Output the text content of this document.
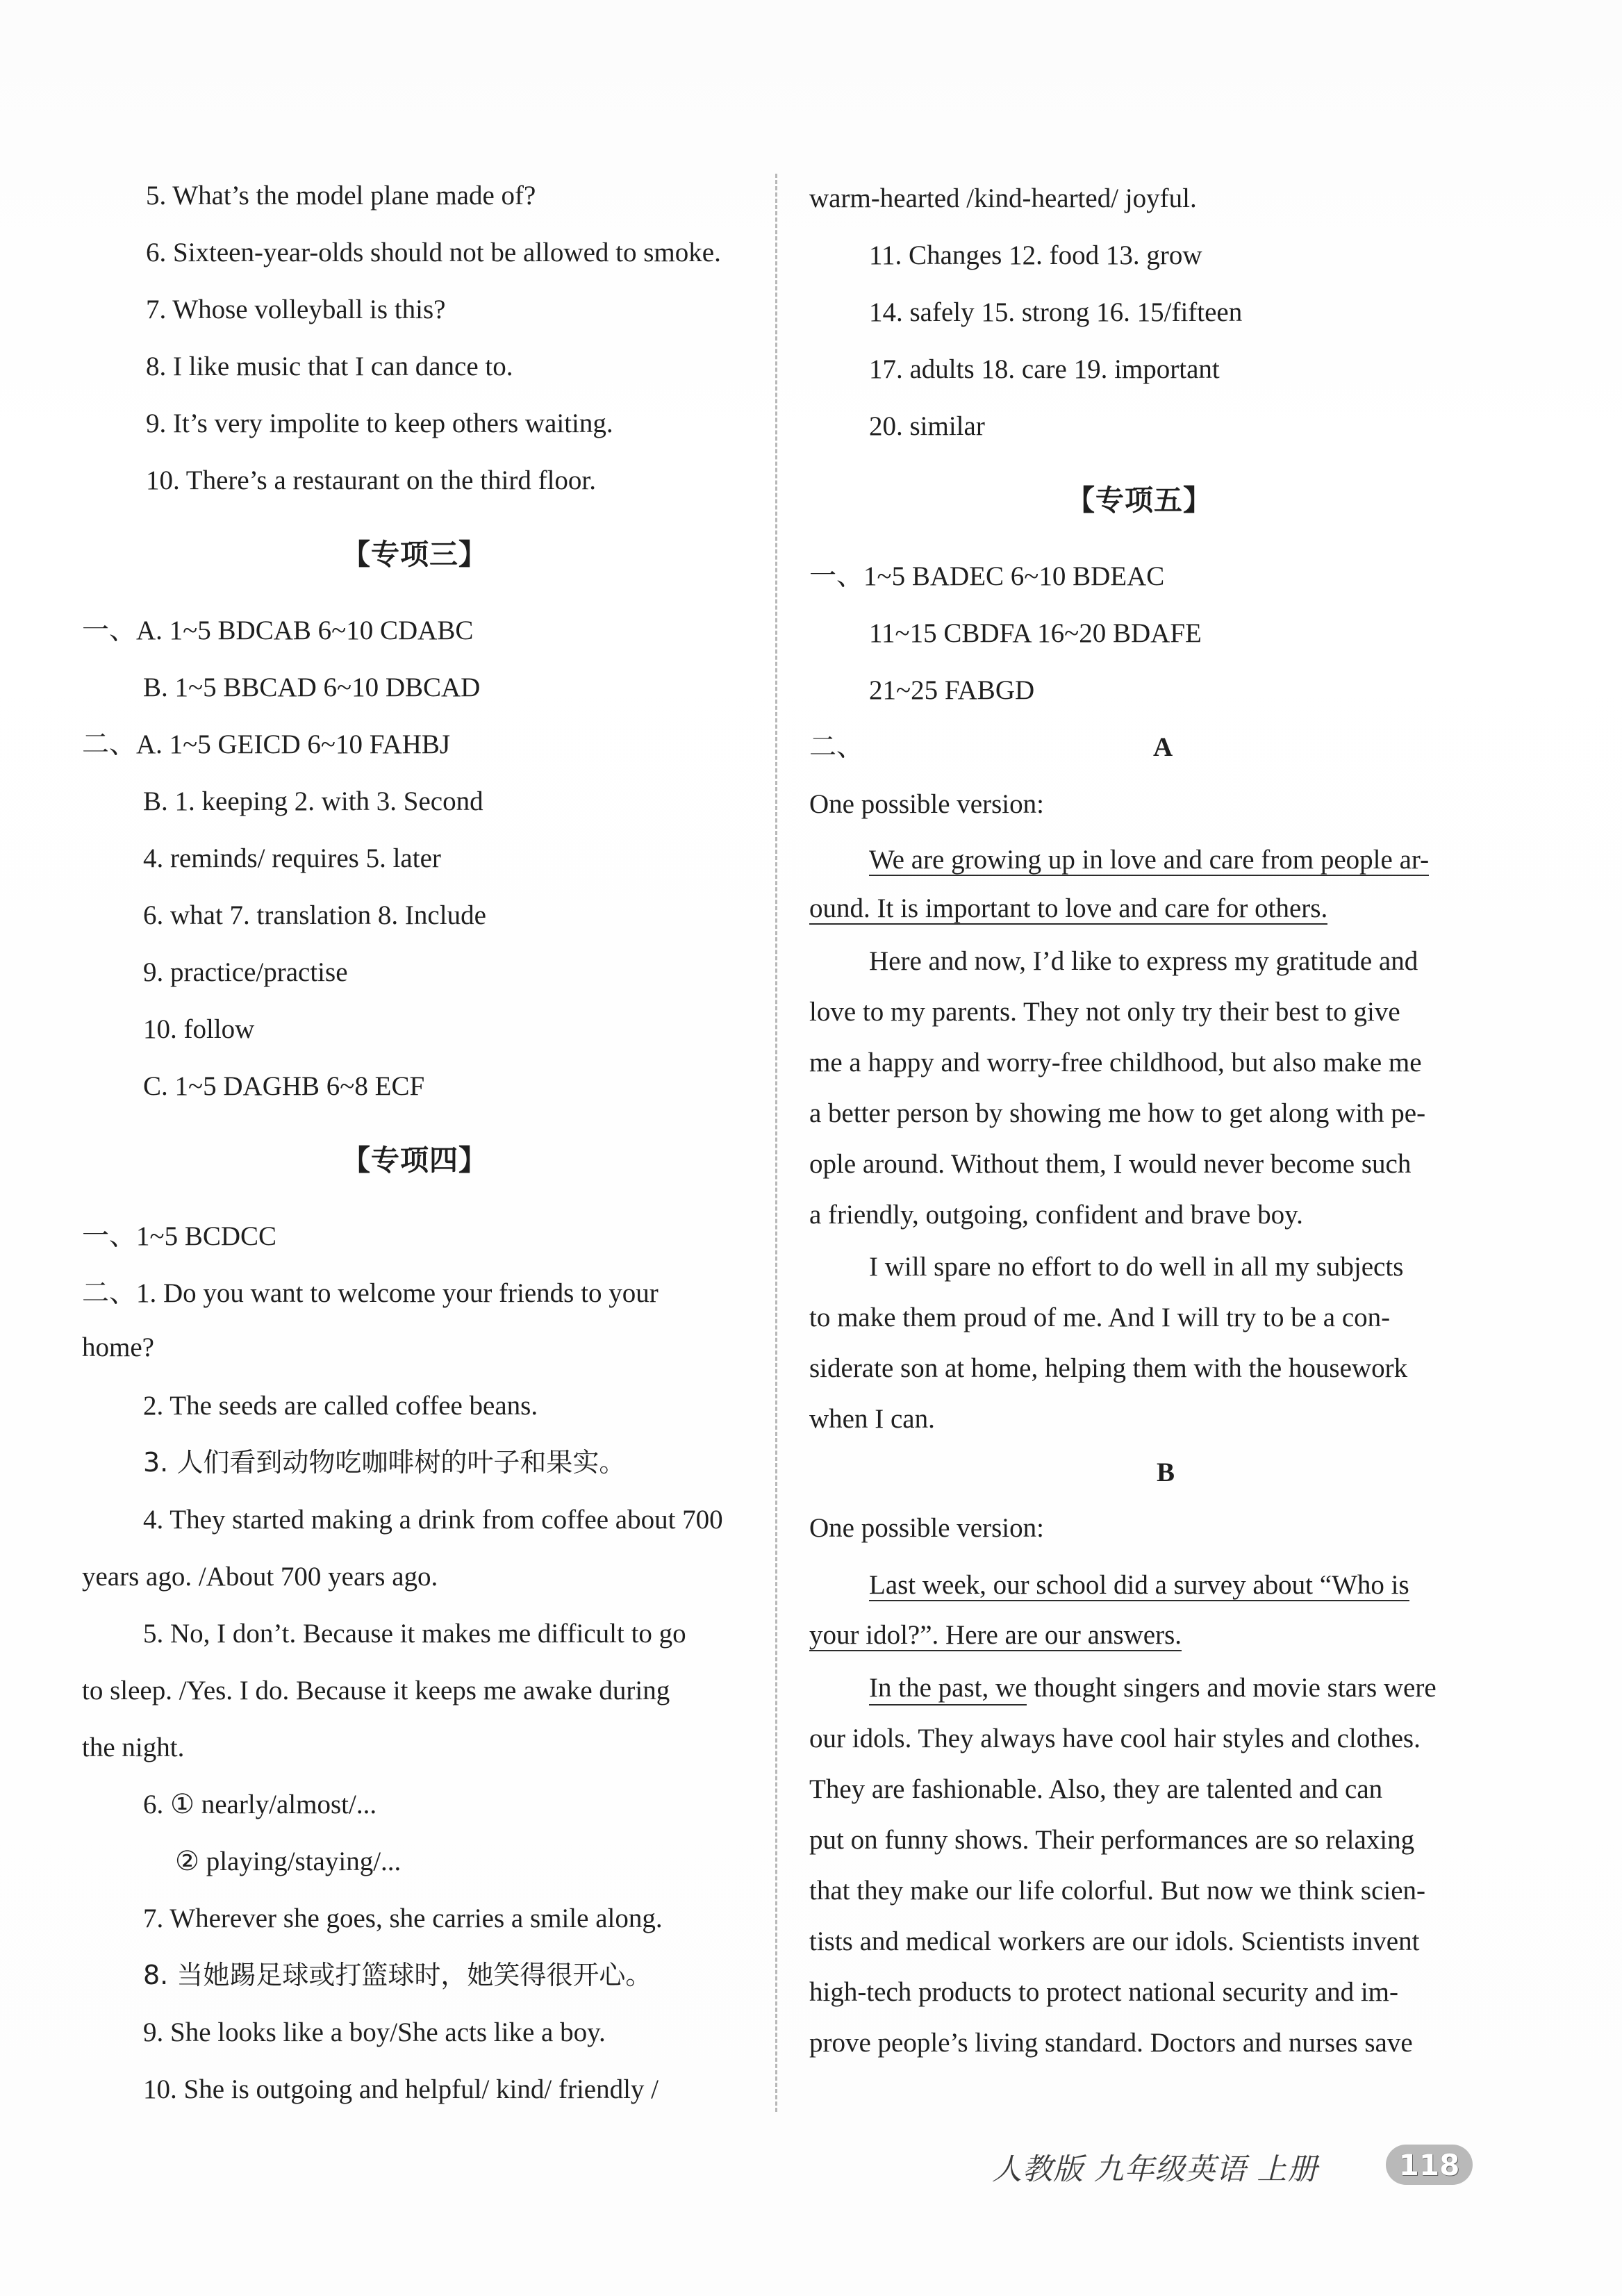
5. What’s the model plane made of?
6. Sixteen-year-olds should not be allowed to smoke.
7. Whose volleyball is this?
8. I like music that I can dance to.
9. It’s very impolite to keep others waiting.
10. There’s a restaurant on the third floor.
【专项三】
一、A. 1~5 BDCAB 6~10 CDABC
B. 1~5 BBCAD 6~10 DBCAD
二、A. 1~5 GEICD 6~10 FAHBJ
B. 1. keeping 2. with 3. Second
4. reminds/ requires 5. later
6. what 7. translation 8. Include
9. practice/practise
10. follow
C. 1~5 DAGHB 6~8 ECF
【专项四】
一、1~5 BCDCC
二、1. Do you want to welcome your friends to your
home?
2. The seeds are called coffee beans.
3. 人们看到动物吃咖啡树的叶子和果实。
4. They started making a drink from coffee about 700
years ago. /About 700 years ago.
5. No, I don’t. Because it makes me difficult to go
to sleep. /Yes. I do. Because it keeps me awake during
the night.
6. ① nearly/almost/...
② playing/staying/...
7. Wherever she goes, she carries a smile along.
8. 当她踢足球或打篮球时，她笑得很开心。
9. She looks like a boy/She acts like a boy.
10. She is outgoing and helpful/ kind/ friendly /
warm-hearted /kind-hearted/ joyful.
11. Changes 12. food 13. grow
14. safely 15. strong 16. 15/fifteen
17. adults 18. care 19. important
20. similar
【专项五】
一、1~5 BADEC 6~10 BDEAC
11~15 CBDFA 16~20 BDAFE
21~25 FABGD
二、	A
One possible version:
We are growing up in love and care from people ar-
ound. It is important to love and care for others.
Here and now, I’d like to express my gratitude and
love to my parents. They not only try their best to give
me a happy and worry-free childhood, but also make me
a better person by showing me how to get along with pe-
ople around. Without them, I would never become such
a friendly, outgoing, confident and brave boy.
I will spare no effort to do well in all my subjects
to make them proud of me. And I will try to be a con-
siderate son at home, helping them with the housework
when I can.
B
One possible version:
Last week, our school did a survey about “Who is
your idol?”. Here are our answers.
In the past, we thought singers and movie stars were
our idols. They always have cool hair styles and clothes.
They are fashionable. Also, they are talented and can
put on funny shows. Their performances are so relaxing
that they make our life colorful. But now we think scien-
tists and medical workers are our idols. Scientists invent
high-tech products to protect national security and im-
prove people’s living standard. Doctors and nurses save
人教版 九年级英语 上册	118
